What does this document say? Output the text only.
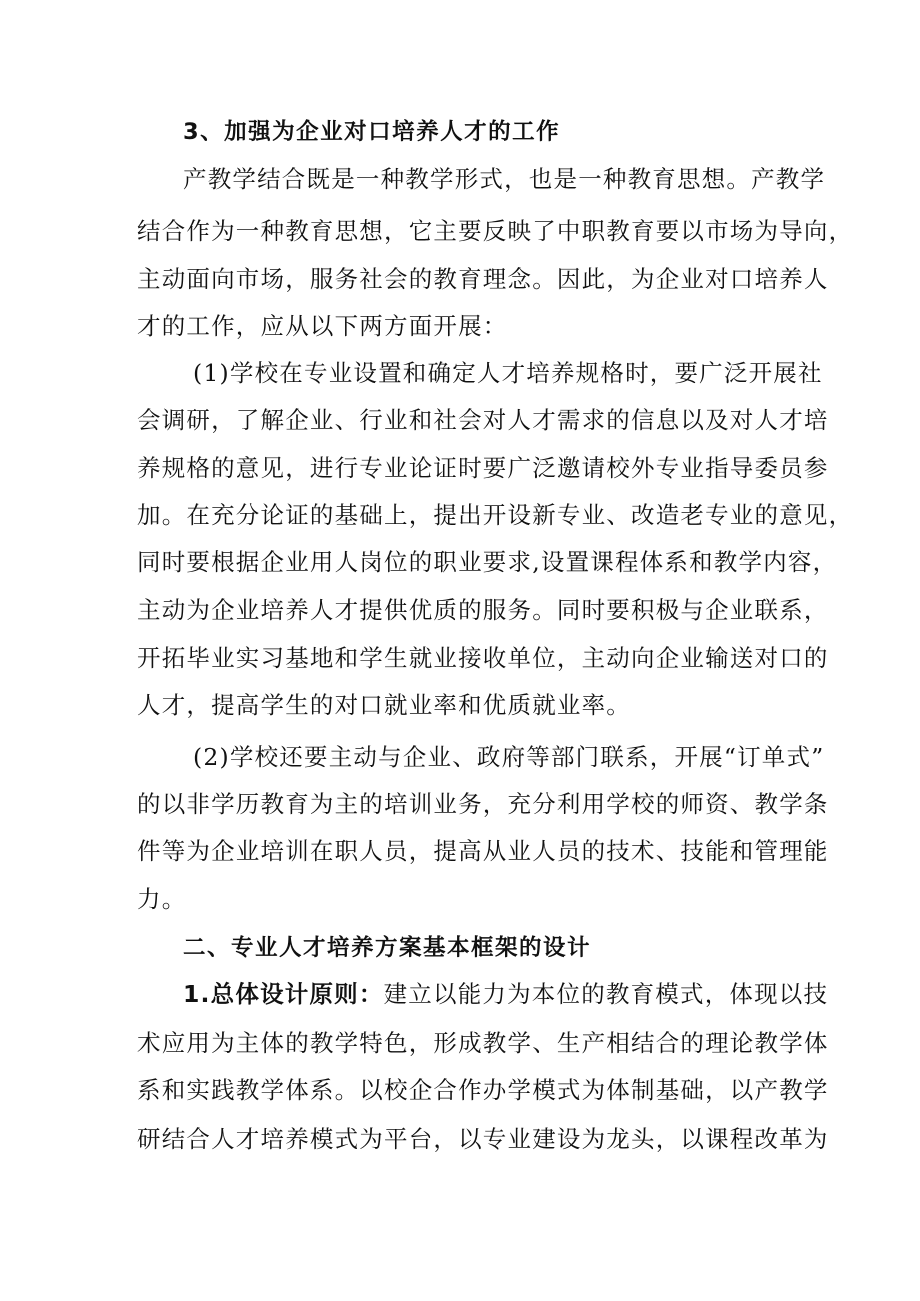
3、加强为企业对口培养人才的工作
产教学结合既是一种教学形式，也是一种教育思想。产教学
结合作为一种教育思想，它主要反映了中职教育要以市场为导向，
主动面向市场，服务社会的教育理念。因此，为企业对口培养人
才的工作，应从以下两方面开展：
(1)学校在专业设置和确定人才培养规格时，要广泛开展社
会调研，了解企业、行业和社会对人才需求的信息以及对人才培
养规格的意见，进行专业论证时要广泛邀请校外专业指导委员参
加。在充分论证的基础上，提出开设新专业、改造老专业的意见，
同时要根据企业用人岗位的职业要求,设置课程体系和教学内容，
主动为企业培养人才提供优质的服务。同时要积极与企业联系，
开拓毕业实习基地和学生就业接收单位，主动向企业输送对口的
人才，提高学生的对口就业率和优质就业率。
(2)学校还要主动与企业、政府等部门联系，开展“订单式”
的以非学历教育为主的培训业务，充分利用学校的师资、教学条
件等为企业培训在职人员，提高从业人员的技术、技能和管理能
力。
二、专业人才培养方案基本框架的设计
1.总体设计原则：建立以能力为本位的教育模式，体现以技
术应用为主体的教学特色，形成教学、生产相结合的理论教学体
系和实践教学体系。以校企合作办学模式为体制基础，以产教学
研结合人才培养模式为平台，以专业建设为龙头，以课程改革为
